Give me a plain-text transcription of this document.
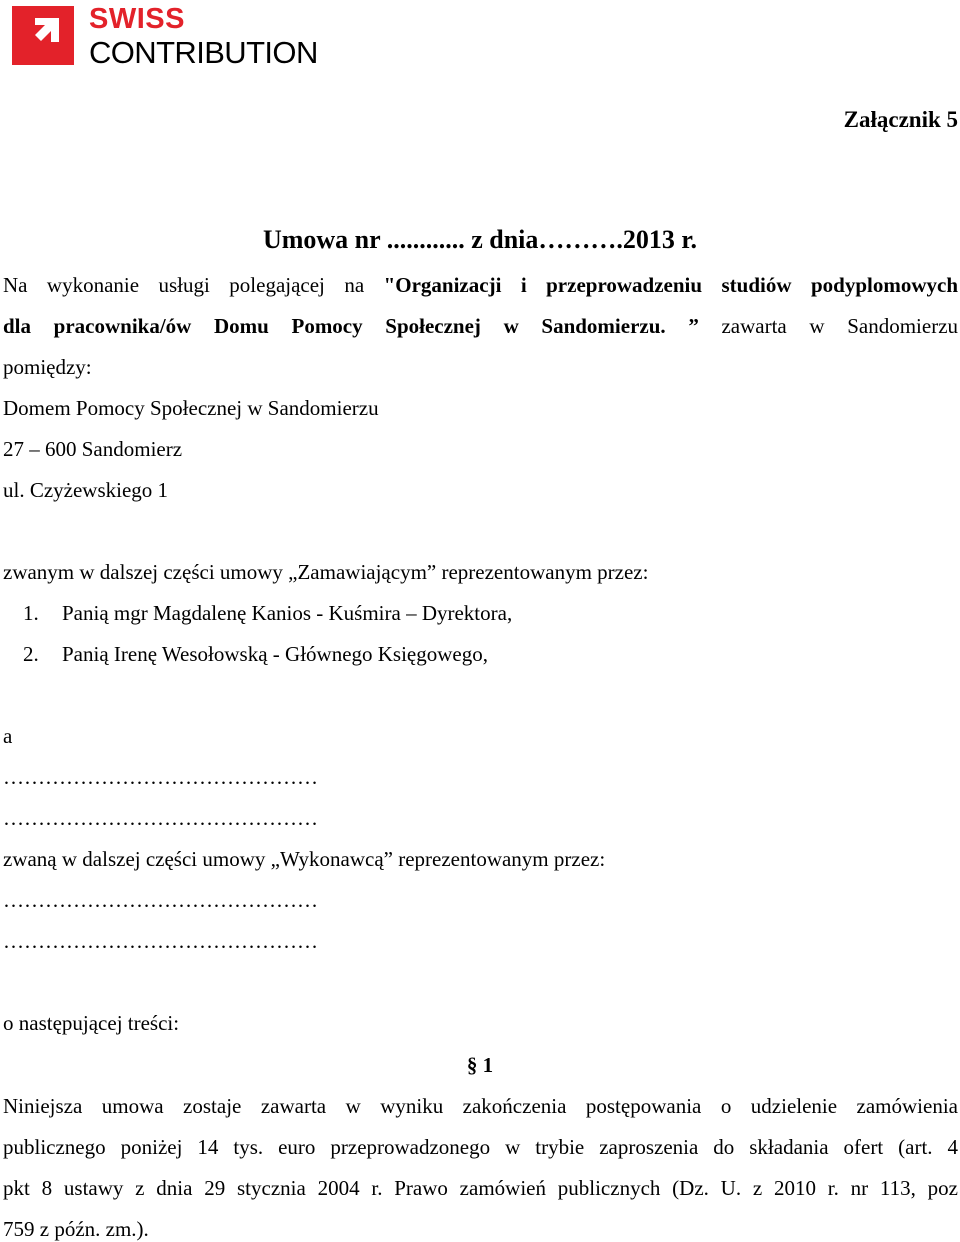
SWISS
CONTRIBUTION
Załącznik 5
Umowa nr ............ z dnia……….2013 r.
Na wykonanie usługi polegającej na "Organizacji i przeprowadzeniu studiów podyplomowych
dla pracownika/ów Domu Pomocy Społecznej w Sandomierzu. ” zawarta w Sandomierzu
pomiędzy:
Domem Pomocy Społecznej w Sandomierzu
27 – 600 Sandomierz
ul. Czyżewskiego 1
zwanym w dalszej części umowy „Zamawiającym” reprezentowanym przez:
1. Panią mgr Magdalenę Kanios - Kuśmira – Dyrektora,
2. Panią Irenę Wesołowską - Głównego Księgowego,
a
………………………………………
………………………………………
zwaną w dalszej części umowy „Wykonawcą” reprezentowanym przez:
………………………………………
………………………………………
o następującej treści:
§ 1
Niniejsza umowa zostaje zawarta w wyniku zakończenia postępowania o udzielenie zamówienia
publicznego poniżej 14 tys. euro przeprowadzonego w trybie zaproszenia do składania ofert (art. 4
pkt 8 ustawy z dnia 29 stycznia 2004 r. Prawo zamówień publicznych (Dz. U. z 2010 r. nr 113, poz
759 z późn. zm.).
